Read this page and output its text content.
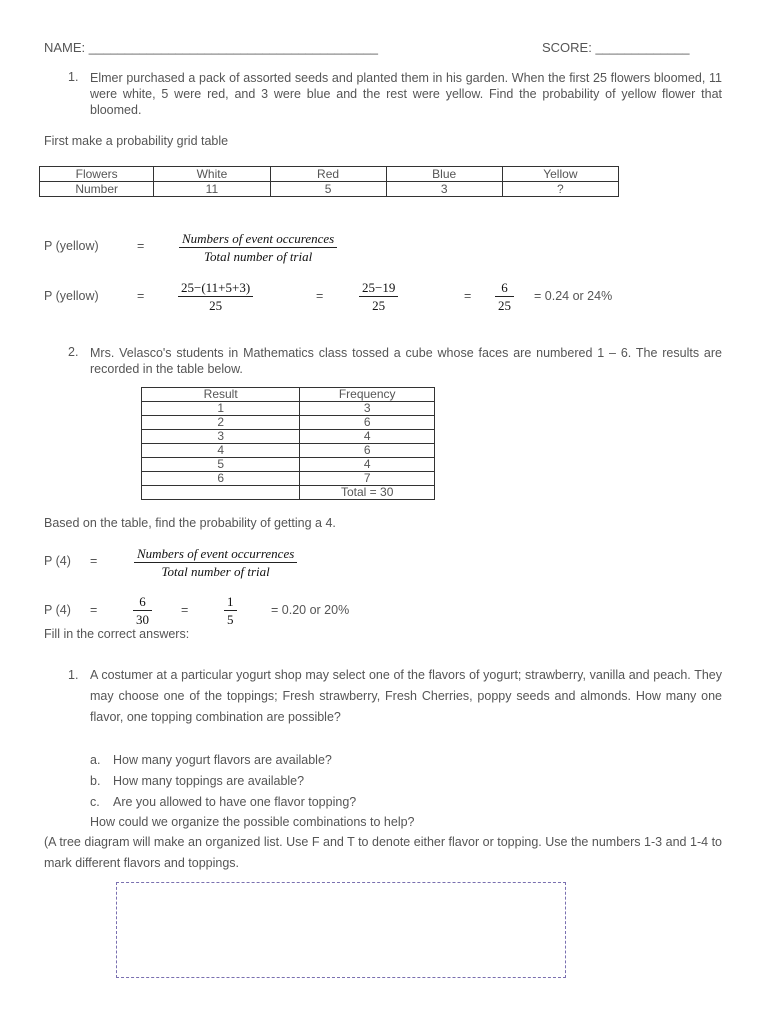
NAME: ________________________________________	SCORE: _____________
1. Elmer purchased a pack of assorted seeds and planted them in his garden. When the first 25 flowers bloomed, 11 were white, 5 were red, and 3 were blue and the rest were yellow. Find the probability of yellow flower that bloomed.
First make a probability grid table
Flowers	White	Red	Blue	Yellow
Number	11	5	3	?
P (yellow)	=	Numbers of event occurences
Total number of trial
P (yellow)	=
25−(11+5+3)
25
=
25−19
25
=
6
25
= 0.24 or 24%
2. Mrs. Velasco's students in Mathematics class tossed a cube whose faces are numbered 1 – 6. The results are recorded in the table below.
Result	Frequency
1	3
2	6
3	4
4	6
5	4
6	7
	Total = 30
Based on the table, find the probability of getting a 4.
P (4) =	Numbers of event occurrences
Total number of trial
P (4) =
6
30
=
1
5
= 0.20 or 20%
Fill in the correct answers:
1. A costumer at a particular yogurt shop may select one of the flavors of yogurt; strawberry, vanilla and peach. They may choose one of the toppings; Fresh strawberry, Fresh Cherries, poppy seeds and almonds. How many one flavor, one topping combination are possible?
a. How many yogurt flavors are available?
b. How many toppings are available?
c. Are you allowed to have one flavor topping?
How could we organize the possible combinations to help?
(A tree diagram will make an organized list. Use F and T to denote either flavor or topping. Use the numbers 1-3 and 1-4 to mark different flavors and toppings.
